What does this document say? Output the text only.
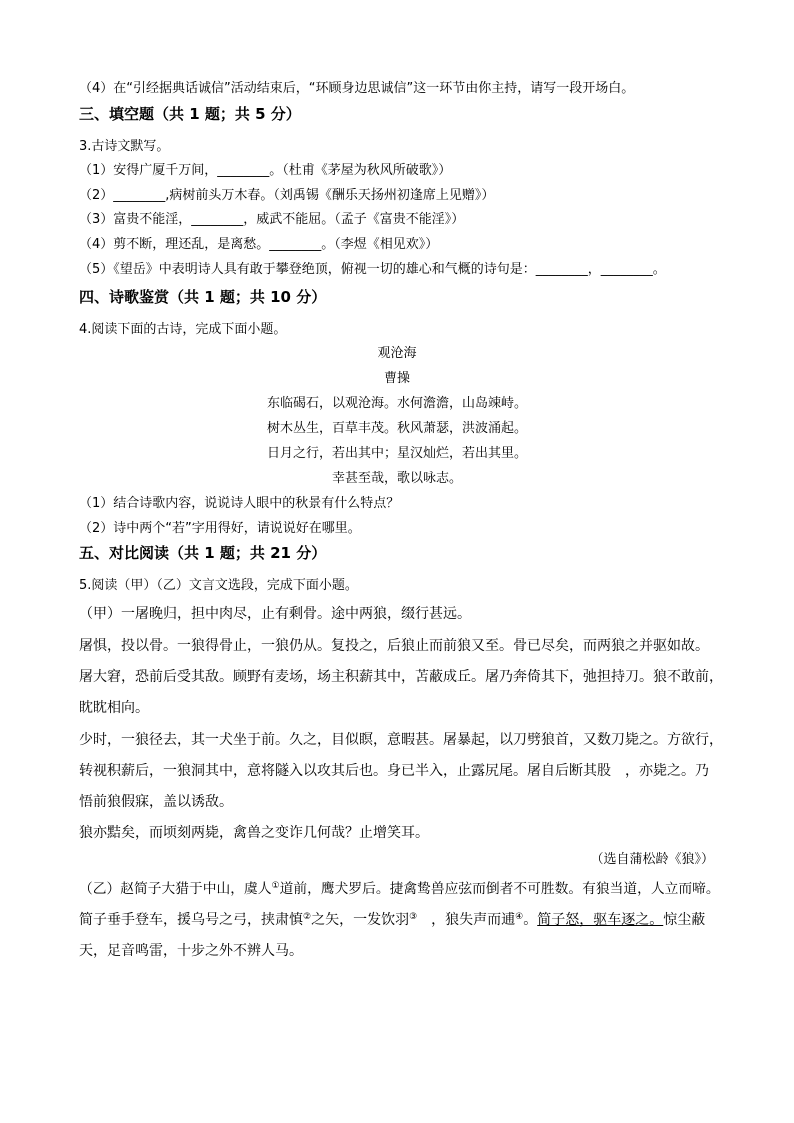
（4）在“引经据典话诚信”活动结束后，“环顾身边思诚信”这一环节由你主持，请写一段开场白。
三、填空题（共 1 题；共 5 分）
3.古诗文默写。
（1）安得广厦千万间，________。（杜甫《茅屋为秋风所破歌》）
（2）________,病树前头万木春。（刘禹锡《酬乐天扬州初逢席上见赠》）
（3）富贵不能淫，________，威武不能屈。（孟子《富贵不能淫》）
（4）剪不断，理还乱，是离愁。________。（李煜《相见欢》）
（5）《望岳》中表明诗人具有敢于攀登绝顶，俯视一切的雄心和气概的诗句是：________，________。
四、诗歌鉴赏（共 1 题；共 10 分）
4.阅读下面的古诗，完成下面小题。
观沧海
曹操
东临碣石，以观沧海。水何澹澹，山岛竦峙。
树木丛生，百草丰茂。秋风萧瑟，洪波涌起。
日月之行，若出其中；星汉灿烂，若出其里。
幸甚至哉，歌以咏志。
（1）结合诗歌内容，说说诗人眼中的秋景有什么特点？
（2）诗中两个“若”字用得好，请说说好在哪里。
五、对比阅读（共 1 题；共 21 分）
5.阅读（甲）（乙）文言文选段，完成下面小题。
（甲）一屠晚归，担中肉尽，止有剩骨。途中两狼，缀行甚远。
屠惧，投以骨。一狼得骨止，一狼仍从。复投之，后狼止而前狼又至。骨已尽矣，而两狼之并驱如故。
屠大窘，恐前后受其敌。顾野有麦场，场主积薪其中，苫蔽成丘。屠乃奔倚其下，弛担持刀。狼不敢前，
眈眈相向。
少时，一狼径去，其一犬坐于前。久之，目似瞑，意暇甚。屠暴起，以刀劈狼首，又数刀毙之。方欲行，
转视积薪后，一狼洞其中，意将隧入以攻其后也。身已半入，止露尻尾。屠自后断其股　，亦毙之。乃
悟前狼假寐，盖以诱敌。
狼亦黠矣，而顷刻两毙，禽兽之变诈几何哉？止增笑耳。
（选自蒲松龄《狼》）
（乙）赵简子大猎于中山，虞人①道前，鹰犬罗后。捷禽鸷兽应弦而倒者不可胜数。有狼当道，人立而啼。
简子垂手登车，援乌号之弓，挟肃慎②之矢，一发饮羽③　，狼失声而逋④。简子怒，驱车逐之。惊尘蔽
天，足音鸣雷，十步之外不辨人马。
